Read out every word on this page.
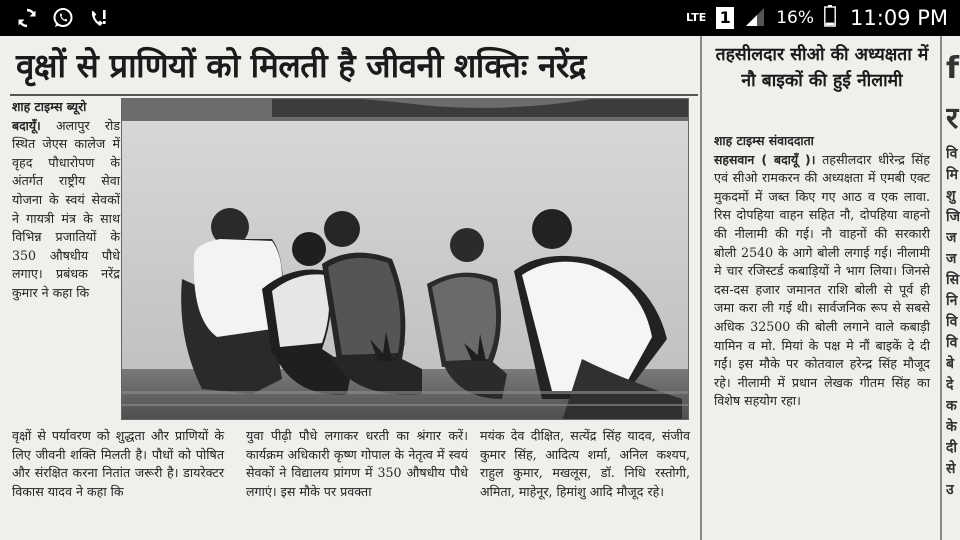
LTE 1	16% 11:09 PM
वृक्षों से प्राणियों को मिलती है जीवनी शक्तिः नरेंद्र

शाह टाइम्स ब्यूरो
बदायूँ। अलापुर रोड स्थित जेएस कालेज में वृहद पौधारोपण के अंतर्गत राष्ट्रीय सेवा योजना के स्वयं सेवकों ने गायत्री मंत्र के साथ विभिन्न प्रजातियों के 350 औषधीय पौधे लगाए। प्रबंधक नरेंद्र कुमार ने कहा कि

वृक्षों से पर्यावरण को शुद्धता और प्राणियों के लिए जीवनी शक्ति मिलती है। पौधों को पोषित और संरक्षित करना नितांत जरूरी है। डायरेक्टर विकास यादव ने कहा कि

युवा पीढ़ी पौधे लगाकर धरती का श्रंगार करें। कार्यक्रम अधिकारी कृष्ण गोपाल के नेतृत्व में स्वयं सेवकों ने विद्यालय प्रांगण में 350 औषधीय पौधे लगाएं। इस मौके पर प्रवक्ता

मयंक देव दीक्षित, सत्येंद्र सिंह यादव, संजीव कुमार सिंह, आदित्य शर्मा, अनिल कश्यप, राहुल कुमार, मखलूस, डॉ. निधि रस्तोगी, अमिता, माहेनूर, हिमांशु आदि मौजूद रहे।

तहसीलदार सीओ की अध्यक्षता में नौ बाइकों की हुई नीलामी

शाह टाइम्स संवाददाता
सहसवान ( बदायूँ )। तहसीलदार धीरेन्द्र सिंह एवं सीओ रामकरन की अध्यक्षता में एमबी एक्ट मुकदमों में जब्त किए गए आठ व एक लावा. रिस दोपहिया वाहन सहित नौ, दोपहिया वाहनो की नीलामी की गई। नौ वाहनों की सरकारी बोली 2540 के आगे बोली लगाई गई। नीलामी मे चार रजिस्टर्ड कबाड़ियों ने भाग लिया। जिनसे दस-दस हजार जमानत राशि बोली से पूर्व ही जमा करा ली गई थी। सार्वजनिक रूप से सबसे अधिक 32500 की बोली लगाने वाले कबाड़ी यामिन व मो. मियां के पक्ष मे नौं बाइकें दे दी गईं। इस मौके पर कोतवाल हरेन्द्र सिंह मौजूद रहे। नीलामी में प्रधान लेखक गीतम सिंह का विशेष सहयोग रहा।

f
र
वि
मि
शु
जि
ज
ज
सि
नि
वि
वि
बे
दे
क
के
दी
से
उ
